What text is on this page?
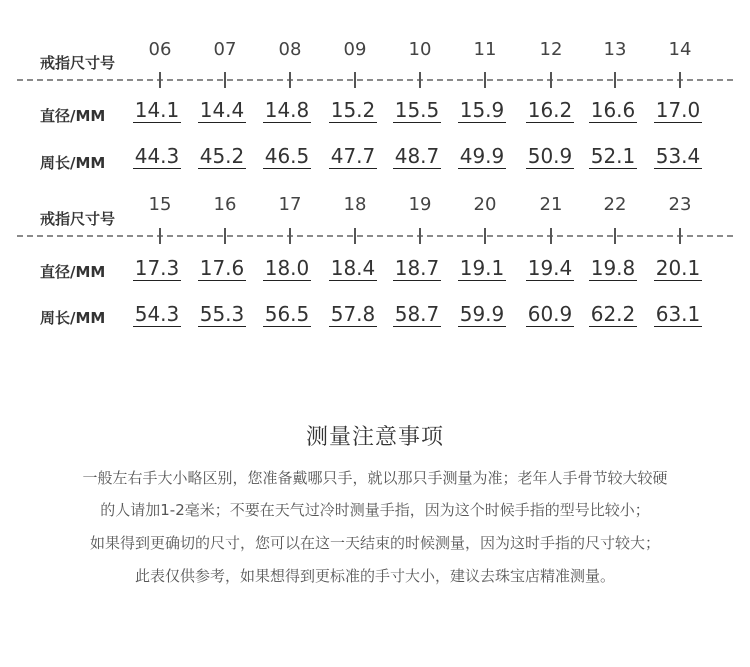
戒指尺寸号
06	07	08	09	10	11	12	13	14
直径/MM 14.1 14.4 14.8 15.2 15.5 15.9 16.2 16.6 17.0
周长/MM 44.3 45.2 46.5 47.7 48.7 49.9 50.9 52.1 53.4
戒指尺寸号
15	16	17	18	19	20	21	22	23
直径/MM 17.3 17.6 18.0 18.4 18.7 19.1 19.4 19.8 20.1
周长/MM 54.3 55.3 56.5 57.8 58.7 59.9 60.9 62.2 63.1
测量注意事项
一般左右手大小略区别，您准备戴哪只手，就以那只手测量为准；老年人手骨节较大较硬
的人请加1-2毫米；不要在天气过冷时测量手指，因为这个时候手指的型号比较小；
如果得到更确切的尺寸，您可以在这一天结束的时候测量，因为这时手指的尺寸较大；
此表仅供参考，如果想得到更标准的手寸大小，建议去珠宝店精准测量。
